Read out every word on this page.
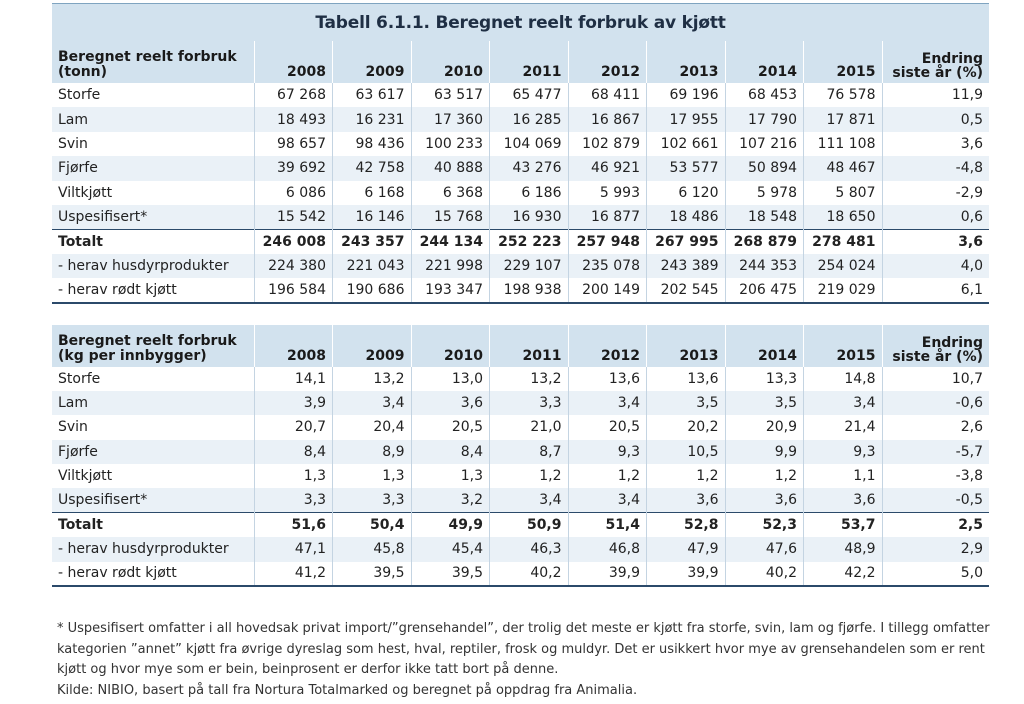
Tabell 6.1.1. Beregnet reelt forbruk av kjøtt
Beregnet reelt forbruk (tonn)	2008	2009	2010	2011	2012	2013	2014	2015	Endring siste år (%)
Storfe	67 268	63 617	63 517	65 477	68 411	69 196	68 453	76 578	11,9
Lam	18 493	16 231	17 360	16 285	16 867	17 955	17 790	17 871	0,5
Svin	98 657	98 436	100 233	104 069	102 879	102 661	107 216	111 108	3,6
Fjørfe	39 692	42 758	40 888	43 276	46 921	53 577	50 894	48 467	-4,8
Viltkjøtt	6 086	6 168	6 368	6 186	5 993	6 120	5 978	5 807	-2,9
Uspesifisert*	15 542	16 146	15 768	16 930	16 877	18 486	18 548	18 650	0,6
Totalt	246 008	243 357	244 134	252 223	257 948	267 995	268 879	278 481	3,6
- herav husdyrprodukter	224 380	221 043	221 998	229 107	235 078	243 389	244 353	254 024	4,0
- herav rødt kjøtt	196 584	190 686	193 347	198 938	200 149	202 545	206 475	219 029	6,1
Beregnet reelt forbruk (kg per innbygger)	2008	2009	2010	2011	2012	2013	2014	2015	Endring siste år (%)
Storfe	14,1	13,2	13,0	13,2	13,6	13,6	13,3	14,8	10,7
Lam	3,9	3,4	3,6	3,3	3,4	3,5	3,5	3,4	-0,6
Svin	20,7	20,4	20,5	21,0	20,5	20,2	20,9	21,4	2,6
Fjørfe	8,4	8,9	8,4	8,7	9,3	10,5	9,9	9,3	-5,7
Viltkjøtt	1,3	1,3	1,3	1,2	1,2	1,2	1,2	1,1	-3,8
Uspesifisert*	3,3	3,3	3,2	3,4	3,4	3,6	3,6	3,6	-0,5
Totalt	51,6	50,4	49,9	50,9	51,4	52,8	52,3	53,7	2,5
- herav husdyrprodukter	47,1	45,8	45,4	46,3	46,8	47,9	47,6	48,9	2,9
- herav rødt kjøtt	41,2	39,5	39,5	40,2	39,9	39,9	40,2	42,2	5,0
* Uspesifisert omfatter i all hovedsak privat import/”grensehandel”, der trolig det meste er kjøtt fra storfe, svin, lam og fjørfe. I tillegg omfatter kategorien ”annet” kjøtt fra øvrige dyreslag som hest, hval, reptiler, frosk og muldyr. Det er usikkert hvor mye av grensehandelen som er rent kjøtt og hvor mye som er bein, beinprosent er derfor ikke tatt bort på denne.
Kilde: NIBIO, basert på tall fra Nortura Totalmarked og beregnet på oppdrag fra Animalia.
